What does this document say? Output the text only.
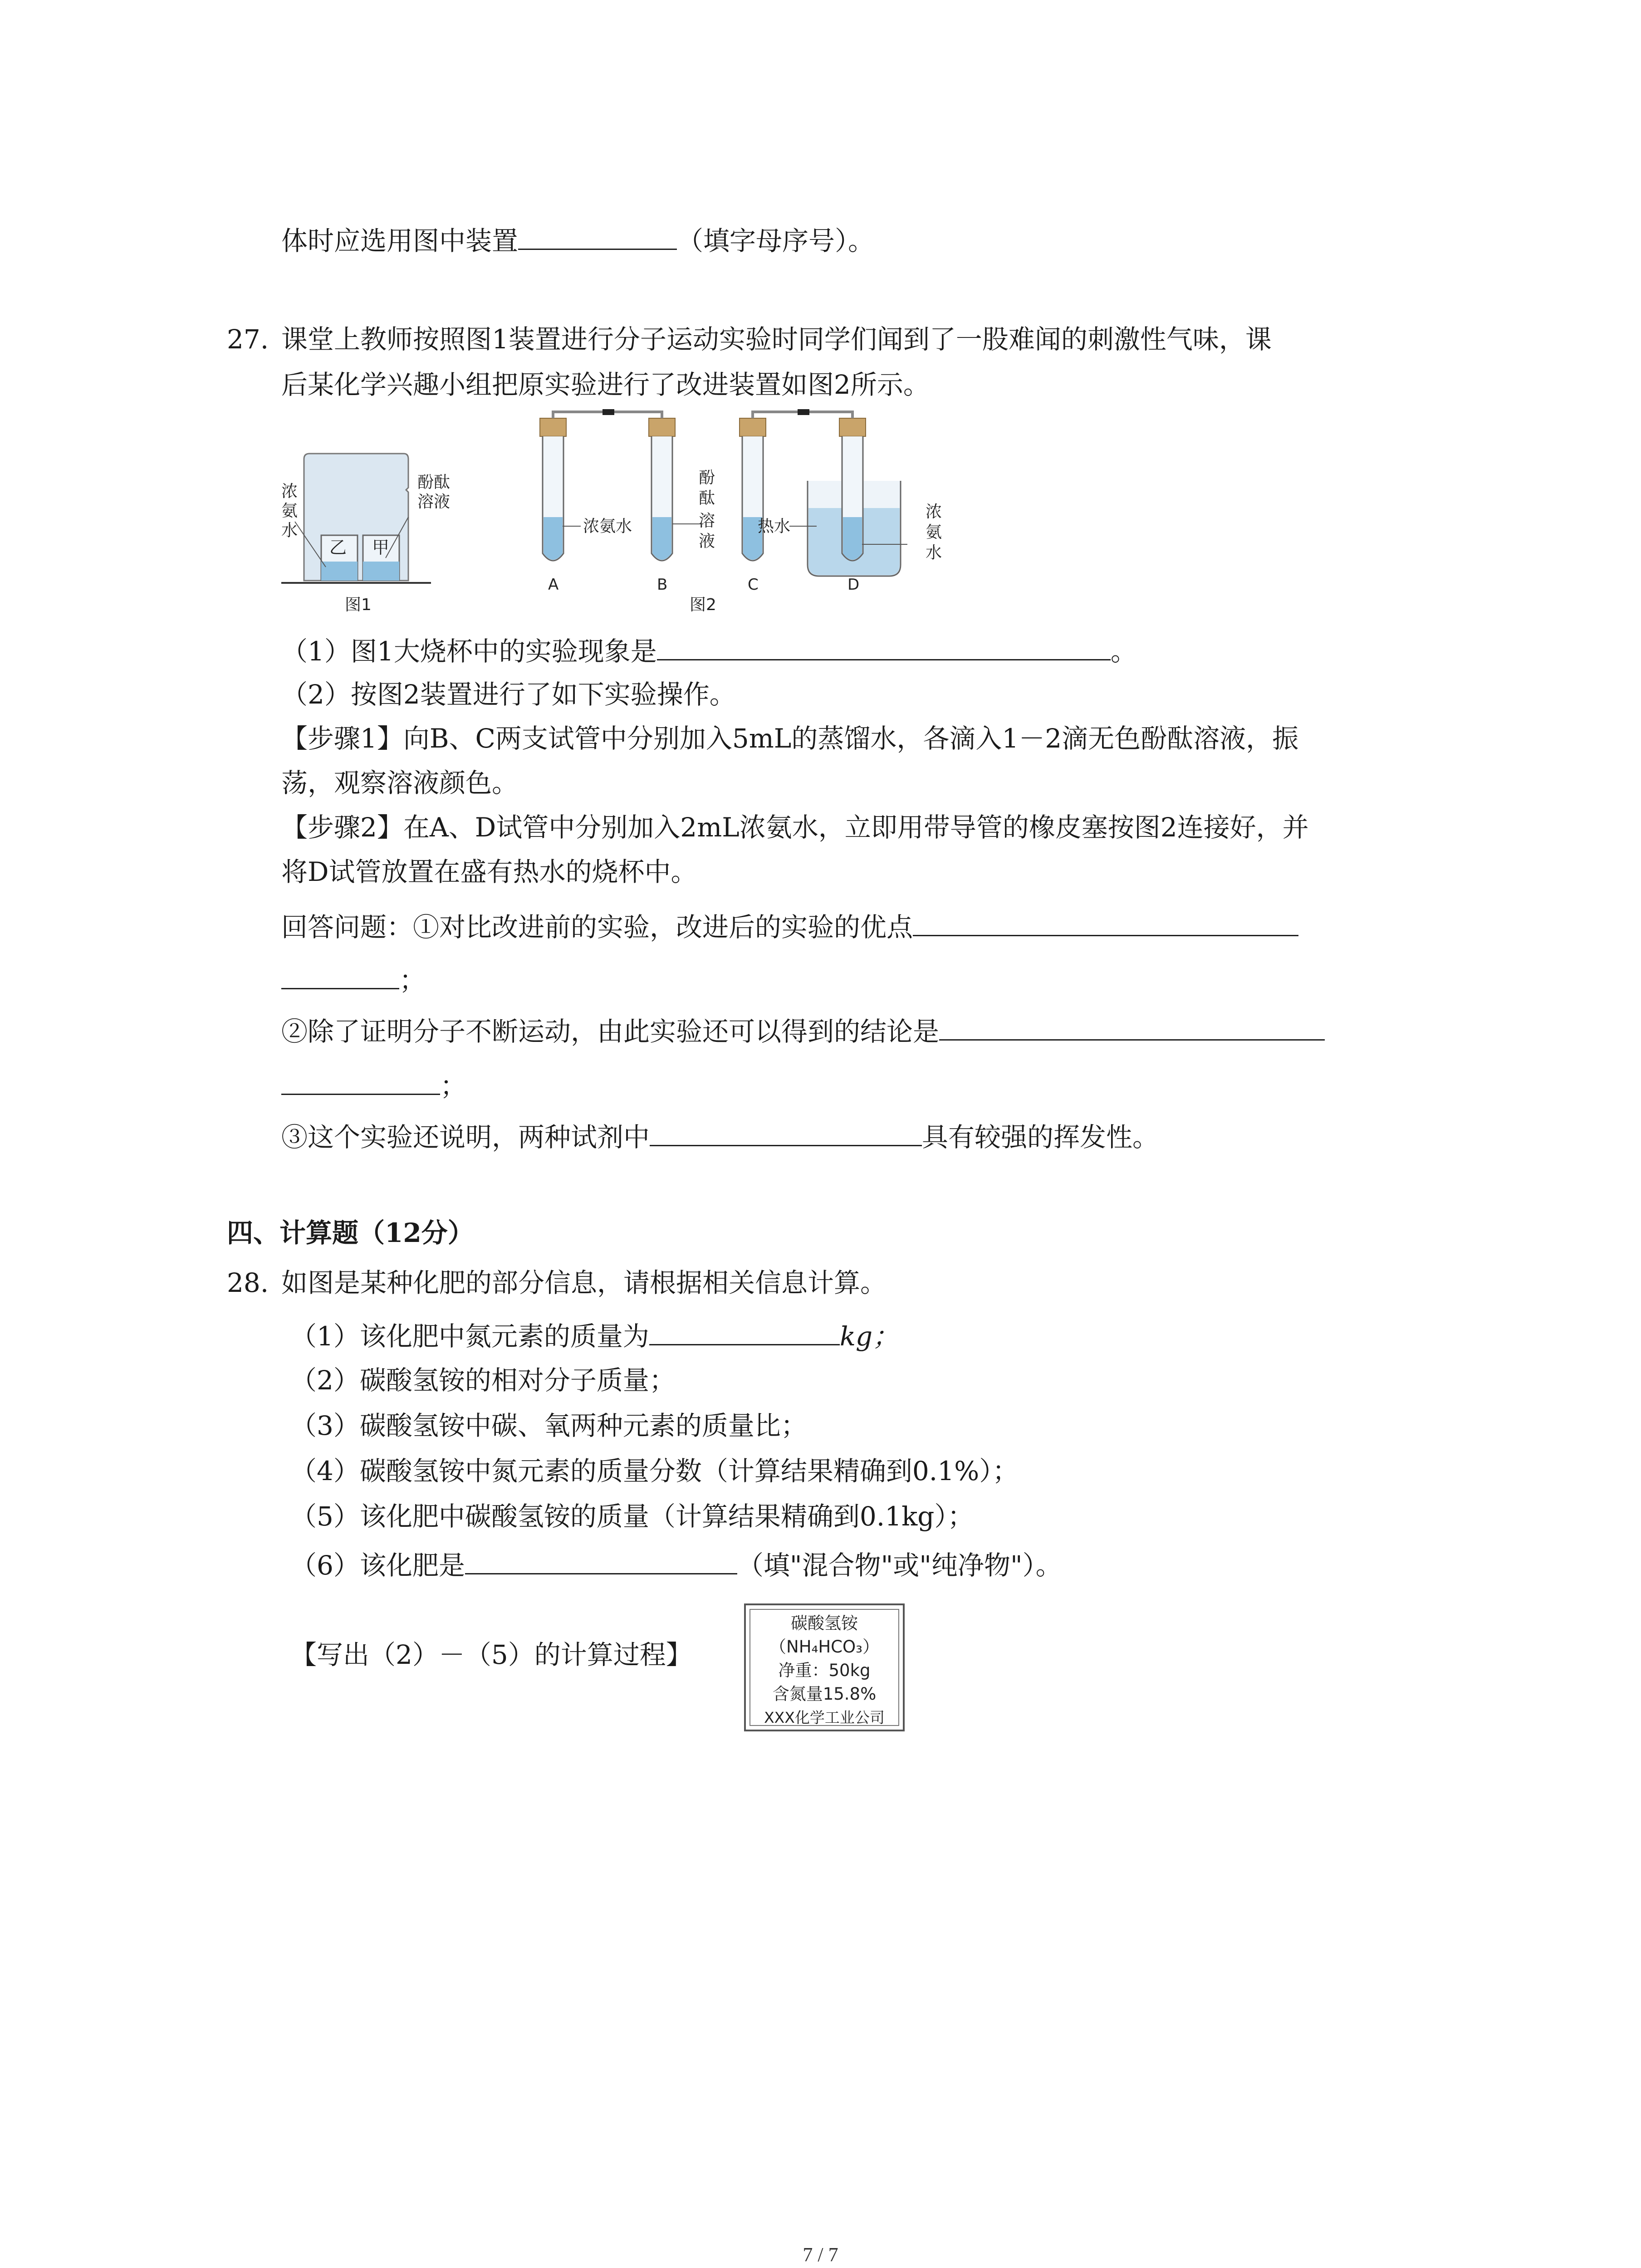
体时应选用图中装置	（填字母序号）。
27. 课堂上教师按照图1装置进行分子运动实验时同学们闻到了一股难闻的刺激性气味，课
后某化学兴趣小组把原实验进行了改进装置如图2所示。
浓
氨
水
酚酞
溶液
乙 甲
图1
浓氨水
酚
酞
溶
液
热水
浓
氨
水
A	B	C	D
图2
（1）图1大烧杯中的实验现象是	。
（2）按图2装置进行了如下实验操作。
【步骤1】向B、C两支试管中分别加入5mL的蒸馏水，各滴入1－2滴无色酚酞溶液，振
荡，观察溶液颜色。
【步骤2】在A、D试管中分别加入2mL浓氨水，立即用带导管的橡皮塞按图2连接好，并
将D试管放置在盛有热水的烧杯中。
回答问题：①对比改进前的实验，改进后的实验的优点
；
②除了证明分子不断运动，由此实验还可以得到的结论是
；
③这个实验还说明，两种试剂中	具有较强的挥发性。
四、计算题（12分）
28. 如图是某种化肥的部分信息，请根据相关信息计算。
（1）该化肥中氮元素的质量为	kg；
（2）碳酸氢铵的相对分子质量；
（3）碳酸氢铵中碳、氧两种元素的质量比；
（4）碳酸氢铵中氮元素的质量分数（计算结果精确到0.1%）；
（5）该化肥中碳酸氢铵的质量（计算结果精确到0.1kg）；
（6）该化肥是	（填"混合物"或"纯净物"）。
【写出（2）－（5）的计算过程】
碳酸氢铵
（NH₄HCO₃）
净重：50kg
含氮量15.8%
XXX化学工业公司
7 / 7
